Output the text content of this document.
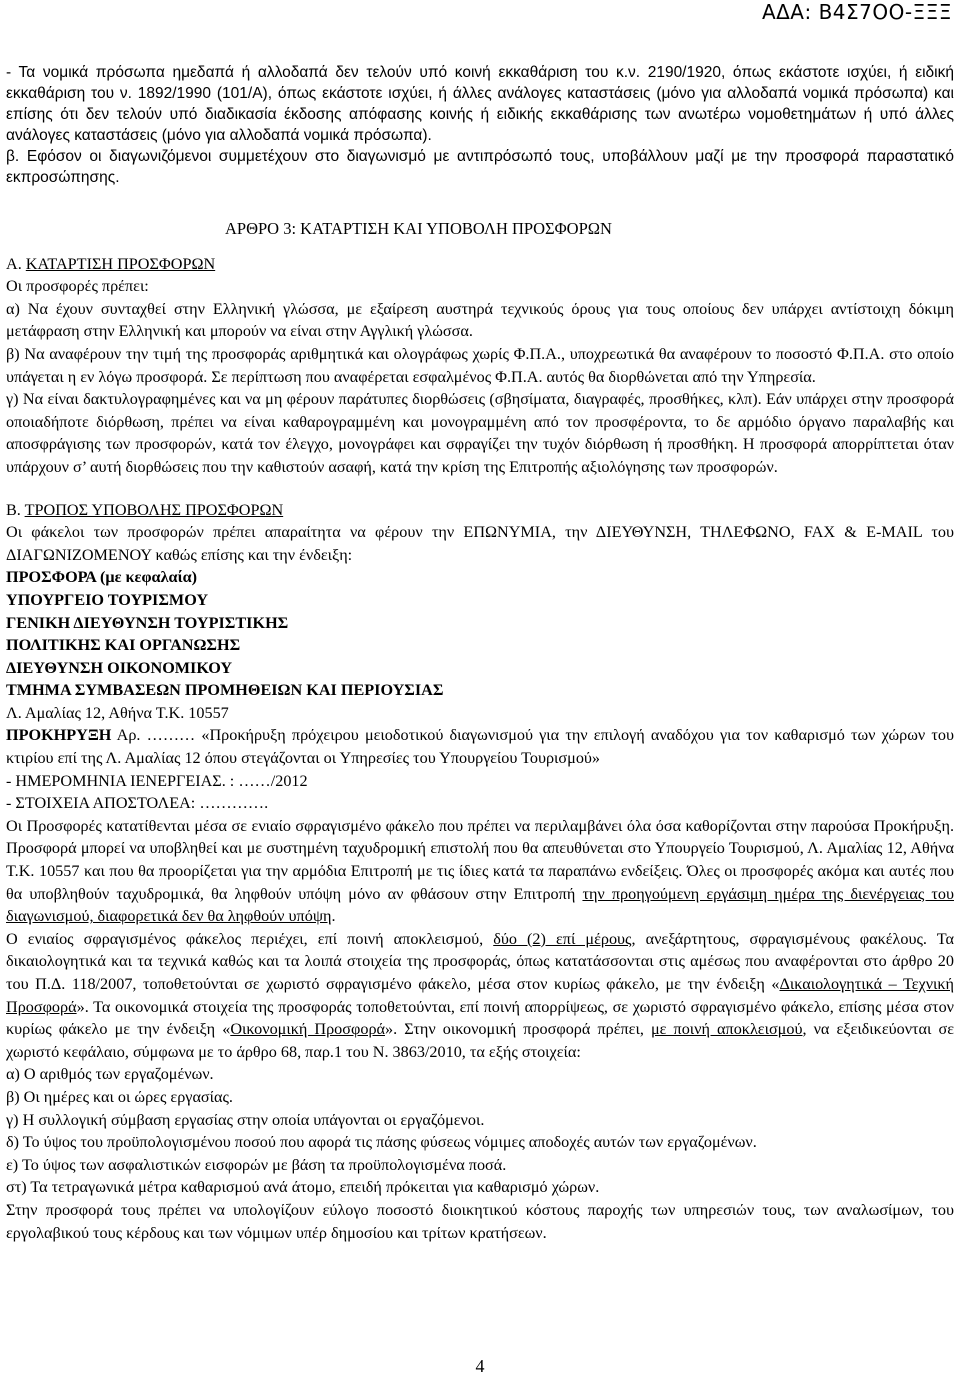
ΑΔΑ: Β4Σ7ΟΟ-ΞΞΞ

- Τα νομικά πρόσωπα ημεδαπά ή αλλοδαπά δεν τελούν υπό κοινή εκκαθάριση του κ.ν. 2190/1920, όπως εκάστοτε ισχύει, ή ειδική εκκαθάριση του ν. 1892/1990 (101/Α), όπως εκάστοτε ισχύει, ή άλλες ανάλογες καταστάσεις (μόνο για αλλοδαπά νομικά πρόσωπα) και επίσης ότι δεν τελούν υπό διαδικασία έκδοσης απόφασης κοινής ή ειδικής εκκαθάρισης των ανωτέρω νομοθετημάτων ή υπό άλλες ανάλογες καταστάσεις (μόνο για αλλοδαπά νομικά πρόσωπα).

β. Εφόσον οι διαγωνιζόμενοι συμμετέχουν στο διαγωνισμό με αντιπρόσωπό τους, υποβάλλουν μαζί με την προσφορά παραστατικό εκπροσώπησης.

ΑΡΘΡΟ 3: ΚΑΤΑΡΤΙΣΗ ΚΑΙ ΥΠΟΒΟΛΗ ΠΡΟΣΦΟΡΩΝ

Α. ΚΑΤΑΡΤΙΣΗ ΠΡΟΣΦΟΡΩΝ

Οι προσφορές πρέπει:

α) Να έχουν συνταχθεί στην Ελληνική γλώσσα, με εξαίρεση αυστηρά τεχνικούς όρους για τους οποίους δεν υπάρχει αντίστοιχη δόκιμη μετάφραση στην Ελληνική και μπορούν να είναι στην Αγγλική γλώσσα.

β) Να αναφέρουν την τιμή της προσφοράς αριθμητικά και ολογράφως χωρίς Φ.Π.Α., υποχρεωτικά θα αναφέρουν το ποσοστό Φ.Π.Α. στο οποίο υπάγεται η εν λόγω προσφορά. Σε περίπτωση που αναφέρεται εσφαλμένος Φ.Π.Α. αυτός θα διορθώνεται από την Υπηρεσία.

γ) Να είναι δακτυλογραφημένες και να μη φέρουν παράτυπες διορθώσεις (σβησίματα, διαγραφές, προσθήκες, κλπ). Εάν υπάρχει στην προσφορά οποιαδήποτε διόρθωση, πρέπει να είναι καθαρογραμμένη και μονογραμμένη από τον προσφέροντα, το δε αρμόδιο όργανο παραλαβής και αποσφράγισης των προσφορών, κατά τον έλεγχο, μονογράφει και σφραγίζει την τυχόν διόρθωση ή προσθήκη. Η προσφορά απορρίπτεται όταν υπάρχουν σ’ αυτή διορθώσεις που την καθιστούν ασαφή, κατά την κρίση της Επιτροπής αξιολόγησης των προσφορών.

Β. ΤΡΟΠΟΣ ΥΠΟΒΟΛΗΣ ΠΡΟΣΦΟΡΩΝ

Οι φάκελοι των προσφορών πρέπει απαραίτητα να φέρουν την ΕΠΩΝΥΜΙΑ, την ΔΙΕΥΘΥΝΣΗ, ΤΗΛΕΦΩΝΟ, FAX & E-MAIL του ΔΙΑΓΩΝΙΖΟΜΕΝΟΥ καθώς επίσης και την ένδειξη:

ΠΡΟΣΦΟΡΑ (με κεφαλαία)

ΥΠΟΥΡΓΕΙΟ ΤΟΥΡΙΣΜΟΥ

ΓΕΝΙΚΗ ΔΙΕΥΘΥΝΣΗ ΤΟΥΡΙΣΤΙΚΗΣ

ΠΟΛΙΤΙΚΗΣ ΚΑΙ ΟΡΓΑΝΩΣΗΣ

ΔΙΕΥΘΥΝΣΗ ΟΙΚΟΝΟΜΙΚΟΥ

ΤΜΗΜΑ ΣΥΜΒΑΣΕΩΝ ΠΡΟΜΗΘΕΙΩΝ ΚΑΙ ΠΕΡΙΟΥΣΙΑΣ

Λ. Αμαλίας 12, Αθήνα Τ.Κ. 10557

ΠΡΟΚΗΡΥΞΗ Αρ. ……… «Προκήρυξη πρόχειρου μειοδοτικού διαγωνισμού για την επιλογή αναδόχου για τον καθαρισμό των χώρων του κτιρίου επί της Λ. Αμαλίας 12 όπου στεγάζονται οι Υπηρεσίες του Υπουργείου Τουρισμού»

- ΗΜΕΡΟΜΗΝΙΑ ΙΕΝΕΡΓΕΙΑΣ. : ……/2012

- ΣΤΟΙΧΕΙΑ ΑΠΟΣΤΟΛΕΑ: ………….

Οι Προσφορές κατατίθενται μέσα σε ενιαίο σφραγισμένο φάκελο που πρέπει να περιλαμβάνει όλα όσα καθορίζονται στην παρούσα Προκήρυξη. Προσφορά μπορεί να υποβληθεί και με συστημένη ταχυδρομική επιστολή που θα απευθύνεται στο Υπουργείο Τουρισμού, Λ. Αμαλίας 12, Αθήνα Τ.Κ. 10557 και που θα προορίζεται για την αρμόδια Επιτροπή με τις ίδιες κατά τα παραπάνω ενδείξεις. Όλες οι προσφορές ακόμα και αυτές που θα υποβληθούν ταχυδρομικά, θα ληφθούν υπόψη μόνο αν φθάσουν στην Επιτροπή την προηγούμενη εργάσιμη ημέρα της διενέργειας του διαγωνισμού, διαφορετικά δεν θα ληφθούν υπόψη.

Ο ενιαίος σφραγισμένος φάκελος περιέχει, επί ποινή αποκλεισμού, δύο (2) επί μέρους, ανεξάρτητους, σφραγισμένους φακέλους. Τα δικαιολογητικά και τα τεχνικά καθώς και τα λοιπά στοιχεία της προσφοράς, όπως κατατάσσονται στις αμέσως που αναφέρονται στο άρθρο 20 του Π.Δ. 118/2007, τοποθετούνται σε χωριστό σφραγισμένο φάκελο, μέσα στον κυρίως φάκελο, με την ένδειξη «Δικαιολογητικά – Τεχνική Προσφορά». Τα οικονομικά στοιχεία της προσφοράς τοποθετούνται, επί ποινή απορρίψεως, σε χωριστό σφραγισμένο φάκελο, επίσης μέσα στον κυρίως φάκελο με την ένδειξη «Οικονομική Προσφορά». Στην οικονομική προσφορά πρέπει, με ποινή αποκλεισμού, να εξειδικεύονται σε χωριστό κεφάλαιο, σύμφωνα με το άρθρο 68, παρ.1 του Ν. 3863/2010, τα εξής στοιχεία:

α) Ο αριθμός των εργαζομένων.

β) Οι ημέρες και οι ώρες εργασίας.

γ) Η συλλογική σύμβαση εργασίας στην οποία υπάγονται οι εργαζόμενοι.

δ) Το ύψος του προϋπολογισμένου ποσού που αφορά τις πάσης φύσεως νόμιμες αποδοχές αυτών των εργαζομένων.

ε) Το ύψος των ασφαλιστικών εισφορών με βάση τα προϋπολογισμένα ποσά.

στ) Τα τετραγωνικά μέτρα καθαρισμού ανά άτομο, επειδή πρόκειται για καθαρισμό χώρων.

Στην προσφορά τους πρέπει να υπολογίζουν εύλογο ποσοστό διοικητικού κόστους παροχής των υπηρεσιών τους, των αναλωσίμων, του εργολαβικού τους κέρδους και των νόμιμων υπέρ δημοσίου και τρίτων κρατήσεων.

4
